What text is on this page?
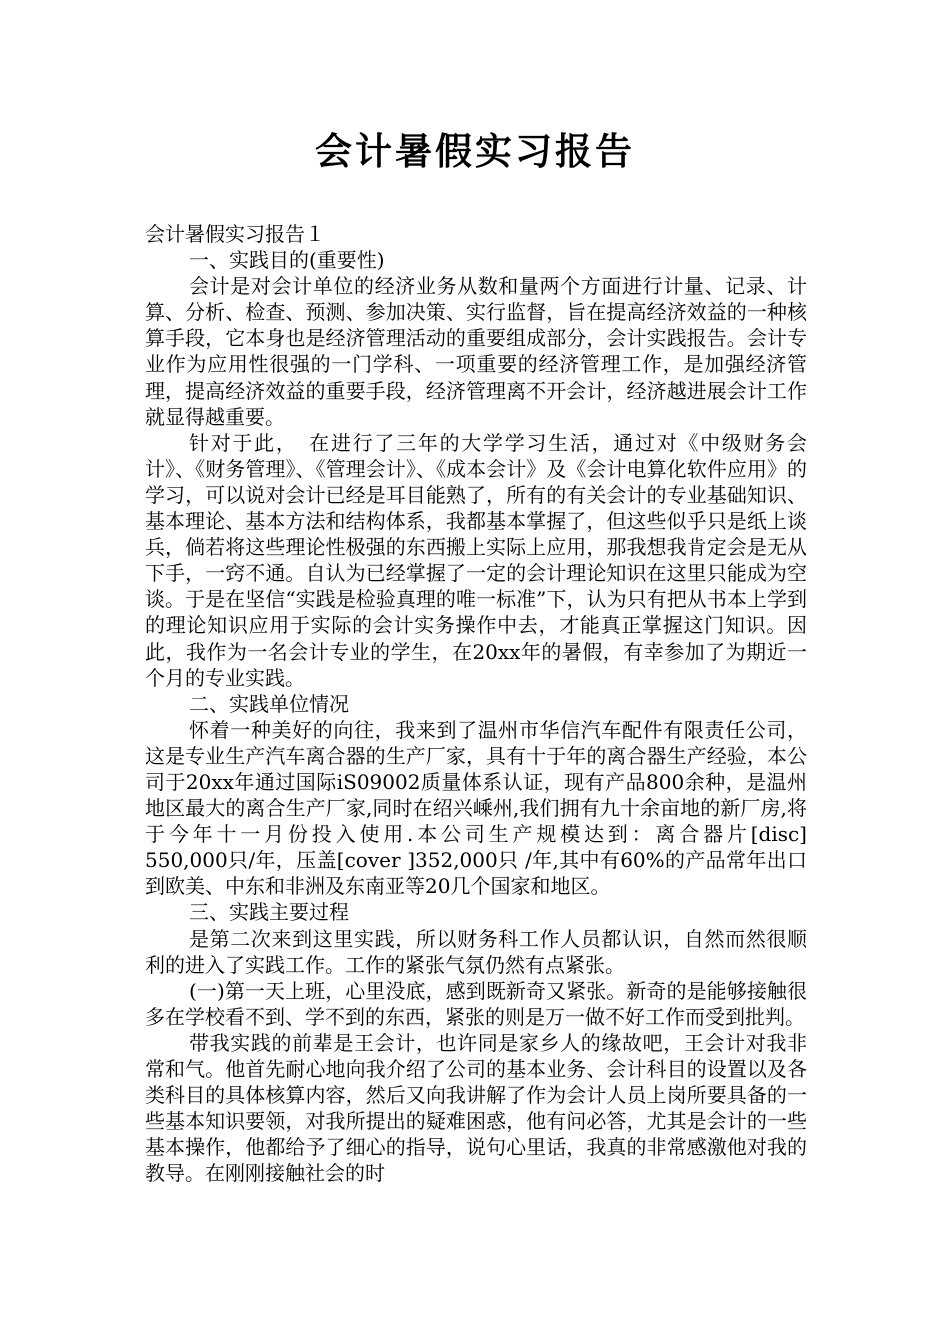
会计暑假实习报告

会计暑假实习报告１

一、实践目的(重要性)

会计是对会计单位的经济业务从数和量两个方面进行计量、记录、计算、分析、检查、预测、参加决策、实行监督，旨在提高经济效益的一种核算手段，它本身也是经济管理活动的重要组成部分，会计实践报告。会计专业作为应用性很强的一门学科、一项重要的经济管理工作，是加强经济管理，提高经济效益的重要手段，经济管理离不开会计，经济越进展会计工作就显得越重要。

针对于此，　在进行了三年的大学学习生活，通过对《中级财务会计》、《财务管理》、《管理会计》、《成本会计》及《会计电算化软件应用》的学习，可以说对会计已经是耳目能熟了，所有的有关会计的专业基础知识、基本理论、基本方法和结构体系，我都基本掌握了，但这些似乎只是纸上谈兵，倘若将这些理论性极强的东西搬上实际上应用，那我想我肯定会是无从下手，一窍不通。自认为已经掌握了一定的会计理论知识在这里只能成为空谈。于是在坚信“实践是检验真理的唯一标准”下，认为只有把从书本上学到的理论知识应用于实际的会计实务操作中去，才能真正掌握这门知识。因此，我作为一名会计专业的学生，在20xx年的暑假，有幸参加了为期近一个月的专业实践。

二、实践单位情况

怀着一种美好的向往，我来到了温州市华信汽车配件有限责任公司，这是专业生产汽车离合器的生产厂家，具有十于年的离合器生产经验，本公司于20xx年通过国际iS09002质量体系认证，现有产品800余种，是温州地区最大的离合生产厂家,同时在绍兴嵊州,我们拥有九十余亩地的新厂房,将于今年十一月份投入使用.本公司生产规模达到：离合器片[disc]　550,000只/年，压盖[cover ]352,000只 /年,其中有60%的产品常年出口到欧美、中东和非洲及东南亚等20几个国家和地区。

三、实践主要过程

是第二次来到这里实践，所以财务科工作人员都认识，自然而然很顺利的进入了实践工作。工作的紧张气氛仍然有点紧张。

(一)第一天上班，心里没底，感到既新奇又紧张。新奇的是能够接触很多在学校看不到、学不到的东西，紧张的则是万一做不好工作而受到批判。

带我实践的前辈是王会计，也许同是家乡人的缘故吧，王会计对我非常和气。他首先耐心地向我介绍了公司的基本业务、会计科目的设置以及各类科目的具体核算内容，然后又向我讲解了作为会计人员上岗所要具备的一些基本知识要领，对我所提出的疑难困惑，他有问必答，尤其是会计的一些基本操作，他都给予了细心的指导，说句心里话，我真的非常感激他对我的教导。在刚刚接触社会的时
